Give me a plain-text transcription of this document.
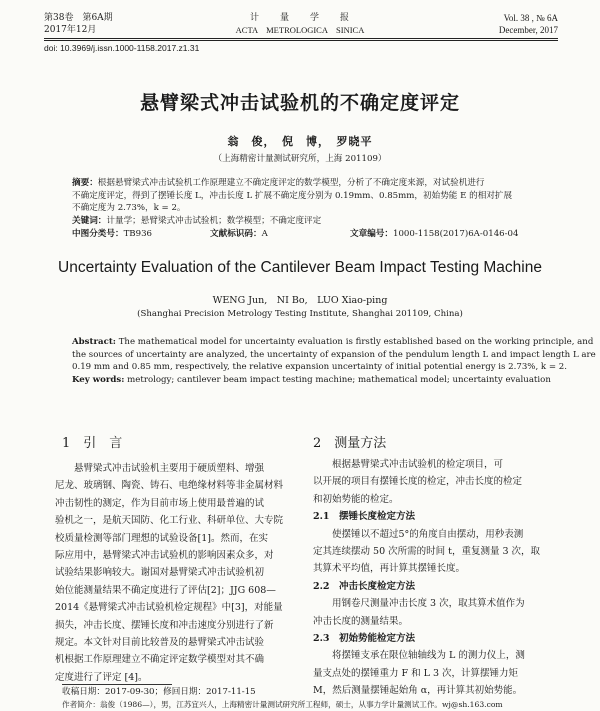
第38卷　第6A期
2017年12月
计　　量　　学　　报
ACTA　METROLOGICA　SINICA
Vol. 38 , № 6A
December, 2017
doi: 10.3969/j.issn.1000-1158.2017.z1.31
悬臂梁式冲击试验机的不确定度评定
翁　俊，　倪　博，　罗晓平
（上海精密计量测试研究所，上海 201109）
摘要：根据悬臂梁式冲击试验机工作原理建立不确定度评定的数学模型，分析了不确定度来源，对试验机进行
不确定度评定，得到了摆锤长度 L，冲击长度 L 扩展不确定度分别为 0.19mm、0.85mm，初始势能 E 的相对扩展
不确定度为 2.73%，k = 2。
关键词：计量学；悬臂梁式冲击试验机；数学模型；不确定度评定
中图分类号：TB936	文献标识码：A	文章编号：1000-1158(2017)6A-0146-04
Uncertainty Evaluation of the Cantilever Beam Impact Testing Machine
WENG Jun,　NI Bo,　LUO Xiao-ping
(Shanghai Precision Metrology Testing Institute, Shanghai 201109, China)
Abstract: The mathematical model for uncertainty evaluation is firstly established based on the working principle, and
the sources of uncertainty are analyzed, the uncertainty of expansion of the pendulum length L and impact length L are
0.19 mm and 0.85 mm, respectively, the relative expansion uncertainty of initial potential energy is 2.73%, k = 2.
Key words: metrology; cantilever beam impact testing machine; mathematical model; uncertainty evaluation
1　引　言
悬臂梁式冲击试验机主要用于硬质塑料、增强
尼龙、玻璃钢、陶瓷、铸石、电绝缘材料等非金属材料
冲击韧性的测定，作为目前市场上使用最普遍的试
验机之一，是航天国防、化工行业、科研单位、大专院
校质量检测等部门理想的试验设备[1]。然而，在实
际应用中，悬臂梁式冲击试验机的影响因素众多，对
试验结果影响较大。谢国对悬臂梁式冲击试验机初
始位能测量结果不确定度进行了评估[2]；JJG 608—
2014《悬臂梁式冲击试验机检定规程》中[3]，对能量
损失，冲击长度、摆锤长度和冲击速度分别进行了新
规定。本文针对目前比较普及的悬臂梁式冲击试验
机根据工作原理建立不确定评定数学模型对其不确
定度进行了评定 [4]。
2　测量方法
根据悬臂梁式冲击试验机的检定项目，可
以开展的项目有摆锤长度的检定，冲击长度的检定
和初始势能的检定。
2.1　摆锤长度检定方法
使摆锤以不超过5°的角度自由摆动，用秒表测
定其连续摆动 50 次所需的时间 t，重复测量 3 次，取
其算术平均值，再计算其摆锤长度。
2.2　冲击长度检定方法
用钢卷尺测量冲击长度 3 次，取其算术值作为
冲击长度的测量结果。
2.3　初始势能检定方法
将摆锤支承在限位轴轴线为 L 的测力仪上，测
量支点处的摆锤重力 F 和 L 3 次，计算摆锤力矩
M，然后测量摆锤起始角 α，再计算其初始势能。
收稿日期：2017-09-30；修回日期：2017-11-15
作者简介：翁俊（1986—），男，江苏宜兴人，上海精密计量测试研究所工程师，硕士，从事力学计量测试工作。wj@sh.163.com
